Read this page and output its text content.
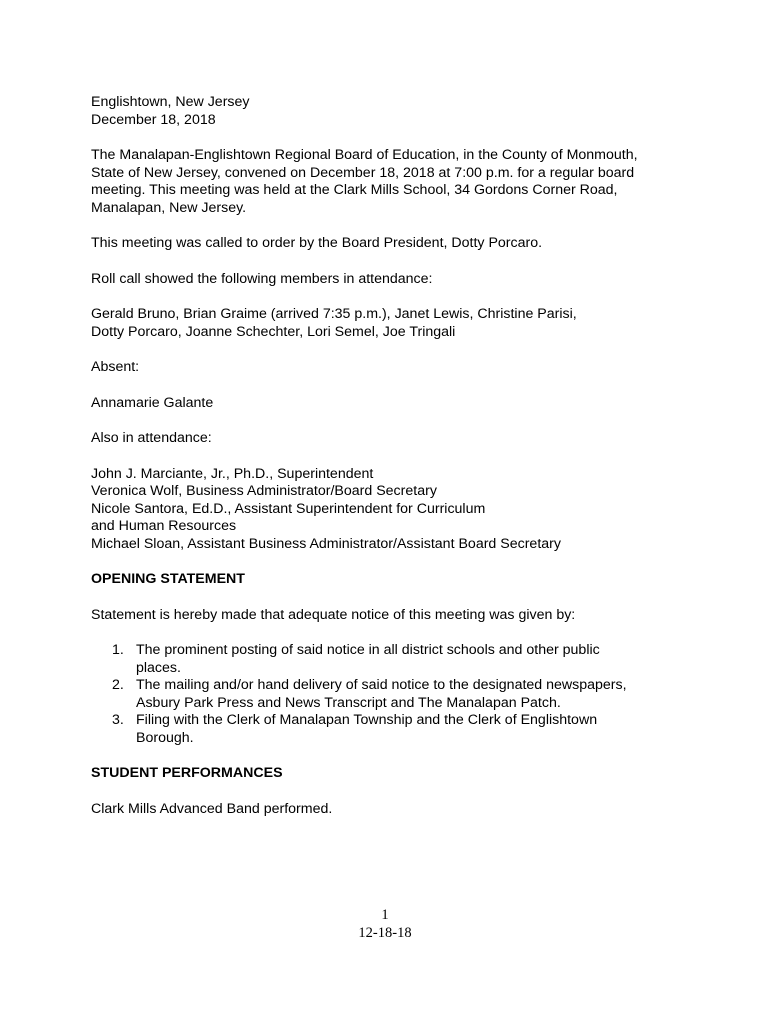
Englishtown, New Jersey
December 18, 2018

The Manalapan-Englishtown Regional Board of Education, in the County of Monmouth,
State of New Jersey, convened on December 18, 2018 at 7:00 p.m. for a regular board
meeting. This meeting was held at the Clark Mills School, 34 Gordons Corner Road,
Manalapan, New Jersey.

This meeting was called to order by the Board President, Dotty Porcaro.

Roll call showed the following members in attendance:

Gerald Bruno, Brian Graime (arrived 7:35 p.m.), Janet Lewis, Christine Parisi,
Dotty Porcaro, Joanne Schechter, Lori Semel, Joe Tringali

Absent:

Annamarie Galante

Also in attendance:

John J. Marciante, Jr., Ph.D., Superintendent
Veronica Wolf, Business Administrator/Board Secretary
Nicole Santora, Ed.D., Assistant Superintendent for Curriculum
and Human Resources
Michael Sloan, Assistant Business Administrator/Assistant Board Secretary

OPENING STATEMENT

Statement is hereby made that adequate notice of this meeting was given by:

1. The prominent posting of said notice in all district schools and other public
places.
2. The mailing and/or hand delivery of said notice to the designated newspapers,
Asbury Park Press and News Transcript and The Manalapan Patch.
3. Filing with the Clerk of Manalapan Township and the Clerk of Englishtown
Borough.

STUDENT PERFORMANCES

Clark Mills Advanced Band performed.

1
12-18-18
